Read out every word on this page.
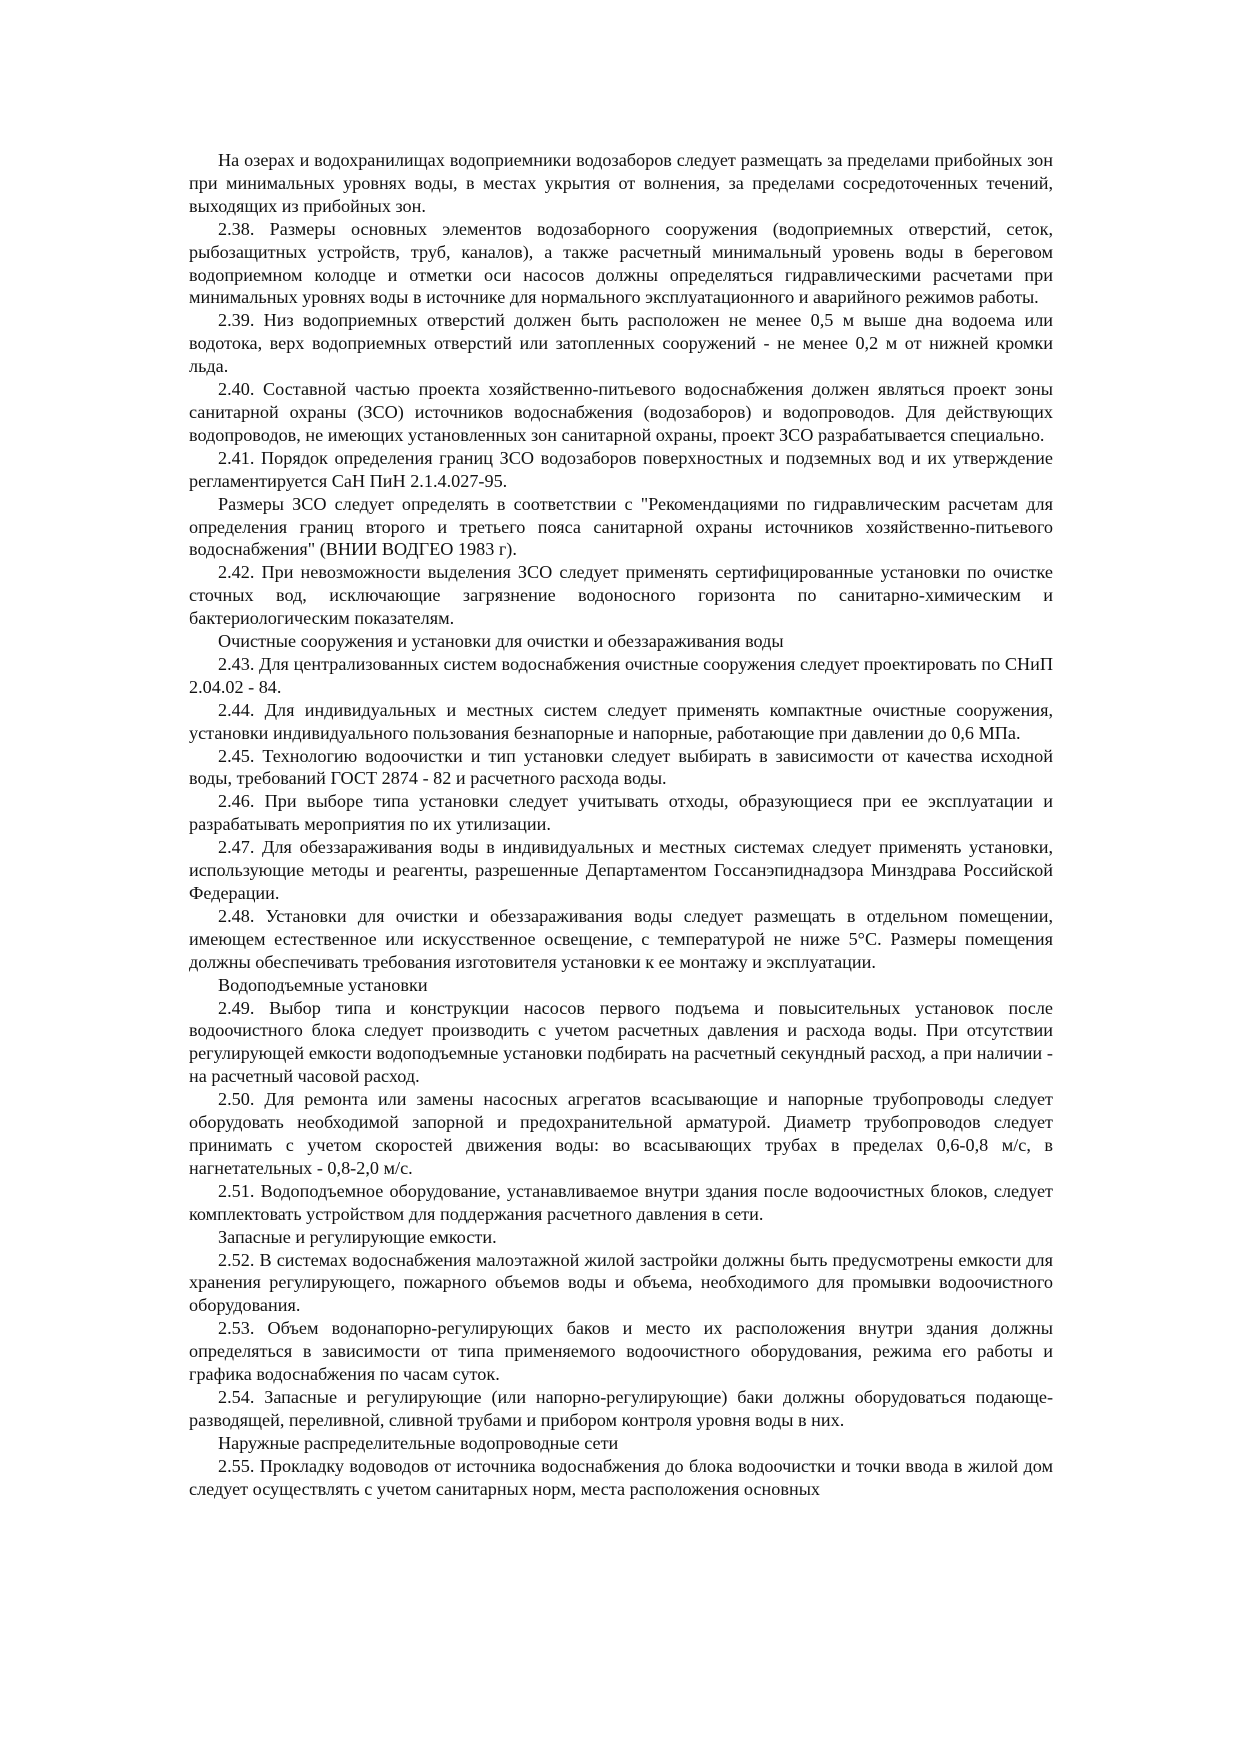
На озерах и водохранилищах водоприемники водозаборов следует размещать за пределами прибойных зон при минимальных уровнях воды, в местах укрытия от волнения, за пределами сосредоточенных течений, выходящих из прибойных зон.

2.38. Размеры основных элементов водозаборного сооружения (водоприемных отверстий, сеток, рыбозащитных устройств, труб, каналов), а также расчетный минимальный уровень воды в береговом водоприемном колодце и отметки оси насосов должны определяться гидравлическими расчетами при минимальных уровнях воды в источнике для нормального эксплуатационного и аварийного режимов работы.

2.39. Низ водоприемных отверстий должен быть расположен не менее 0,5 м выше дна водоема или водотока, верх водоприемных отверстий или затопленных сооружений - не менее 0,2 м от нижней кромки льда.

2.40. Составной частью проекта хозяйственно-питьевого водоснабжения должен являться проект зоны санитарной охраны (ЗСО) источников водоснабжения (водозаборов) и водопроводов. Для действующих водопроводов, не имеющих установленных зон санитарной охраны, проект ЗСО разрабатывается специально.

2.41. Порядок определения границ ЗСО водозаборов поверхностных и подземных вод и их утверждение регламентируется СаН ПиН 2.1.4.027-95.

Размеры ЗСО следует определять в соответствии с "Рекомендациями по гидравлическим расчетам для определения границ второго и третьего пояса санитарной охраны источников хозяйственно-питьевого водоснабжения" (ВНИИ ВОДГЕО 1983 г).

2.42. При невозможности выделения ЗСО следует применять сертифицированные установки по очистке сточных вод, исключающие загрязнение водоносного горизонта по санитарно-химическим и бактериологическим показателям.

Очистные сооружения и установки для очистки и обеззараживания воды

2.43. Для централизованных систем водоснабжения очистные сооружения следует проектировать по СНиП 2.04.02 - 84.

2.44. Для индивидуальных и местных систем следует применять компактные очистные сооружения, установки индивидуального пользования безнапорные и напорные, работающие при давлении до 0,6 МПа.

2.45. Технологию водоочистки и тип установки следует выбирать в зависимости от качества исходной воды, требований ГОСТ 2874 - 82 и расчетного расхода воды.

2.46. При выборе типа установки следует учитывать отходы, образующиеся при ее эксплуатации и разрабатывать мероприятия по их утилизации.

2.47. Для обеззараживания воды в индивидуальных и местных системах следует применять установки, использующие методы и реагенты, разрешенные Департаментом Госсанэпиднадзора Минздрава Российской Федерации.

2.48. Установки для очистки и обеззараживания воды следует размещать в отдельном помещении, имеющем естественное или искусственное освещение, с температурой не ниже 5°С. Размеры помещения должны обеспечивать требования изготовителя установки к ее монтажу и эксплуатации.

Водоподъемные установки

2.49. Выбор типа и конструкции насосов первого подъема и повысительных установок после водоочистного блока следует производить с учетом расчетных давления и расхода воды. При отсутствии регулирующей емкости водоподъемные установки подбирать на расчетный секундный расход, а при наличии - на расчетный часовой расход.

2.50. Для ремонта или замены насосных агрегатов всасывающие и напорные трубопроводы следует оборудовать необходимой запорной и предохранительной арматурой. Диаметр трубопроводов следует принимать с учетом скоростей движения воды: во всасывающих трубах в пределах 0,6-0,8 м/с, в нагнетательных - 0,8-2,0 м/с.

2.51. Водоподъемное оборудование, устанавливаемое внутри здания после водоочистных блоков, следует комплектовать устройством для поддержания расчетного давления в сети.

Запасные и регулирующие емкости.

2.52. В системах водоснабжения малоэтажной жилой застройки должны быть предусмотрены емкости для хранения регулирующего, пожарного объемов воды и объема, необходимого для промывки водоочистного оборудования.

2.53. Объем водонапорно-регулирующих баков и место их расположения внутри здания должны определяться в зависимости от типа применяемого водоочистного оборудования, режима его работы и графика водоснабжения по часам суток.

2.54. Запасные и регулирующие (или напорно-регулирующие) баки должны оборудоваться подающе-разводящей, переливной, сливной трубами и прибором контроля уровня воды в них.

Наружные распределительные водопроводные сети

2.55. Прокладку водоводов от источника водоснабжения до блока водоочистки и точки ввода в жилой дом следует осуществлять с учетом санитарных норм, места расположения основных
